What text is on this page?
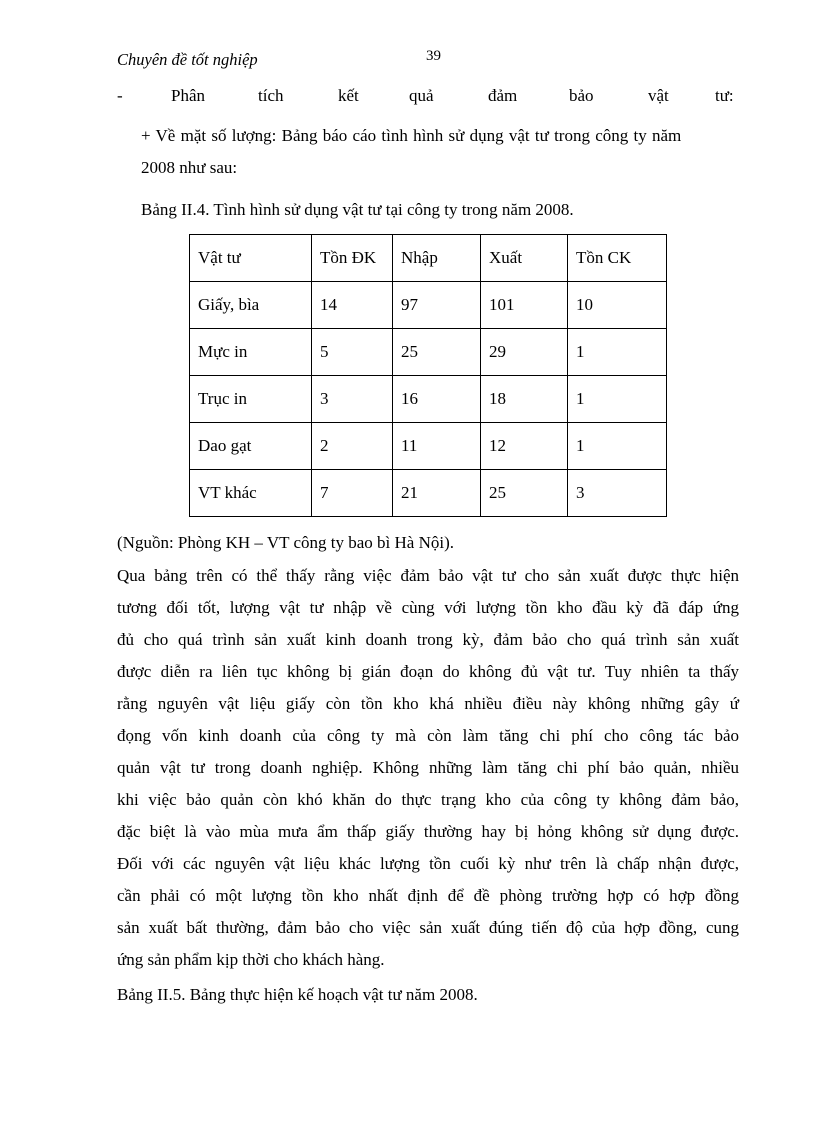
Chuyên đề tốt nghiệp	39
-	Phân	tích	kết	quả	đảm	bảo	vật	tư:
+ Về mặt số lượng: Bảng báo cáo tình hình sử dụng vật tư trong công ty năm
2008 như sau:
Bảng II.4. Tình hình sử dụng vật tư tại công ty trong năm 2008.
Vật tư	Tồn ĐK	Nhập	Xuất	Tồn CK
Giấy, bìa	14	97	101	10
Mực in	5	25	29	1
Trục in	3	16	18	1
Dao gạt	2	11	12	1
VT khác	7	21	25	3
(Nguồn: Phòng KH – VT công ty bao bì Hà Nội).
Qua bảng trên có thể thấy rằng việc đảm bảo vật tư cho sản xuất được thực hiện
tương đối tốt, lượng vật tư nhập về cùng với lượng tồn kho đầu kỳ đã đáp ứng
đủ cho quá trình sản xuất kinh doanh trong kỳ, đảm bảo cho quá trình sản xuất
được diễn ra liên tục không bị gián đoạn do không đủ vật tư. Tuy nhiên ta thấy
rằng nguyên vật liệu giấy còn tồn kho khá nhiều điều này không những gây ứ
đọng vốn kinh doanh của công ty mà còn làm tăng chi phí cho công tác bảo
quản vật tư trong doanh nghiệp. Không những làm tăng chi phí bảo quản, nhiều
khi việc bảo quản còn khó khăn do thực trạng kho của công ty không đảm bảo,
đặc biệt là vào mùa mưa ẩm thấp giấy thường hay bị hỏng không sử dụng được.
Đối với các nguyên vật liệu khác lượng tồn cuối kỳ như trên là chấp nhận được,
cần phải có một lượng tồn kho nhất định để đề phòng trường hợp có hợp đồng
sản xuất bất thường, đảm bảo cho việc sản xuất đúng tiến độ của hợp đồng, cung
ứng sản phẩm kịp thời cho khách hàng.
Bảng II.5. Bảng thực hiện kế hoạch vật tư năm 2008.
